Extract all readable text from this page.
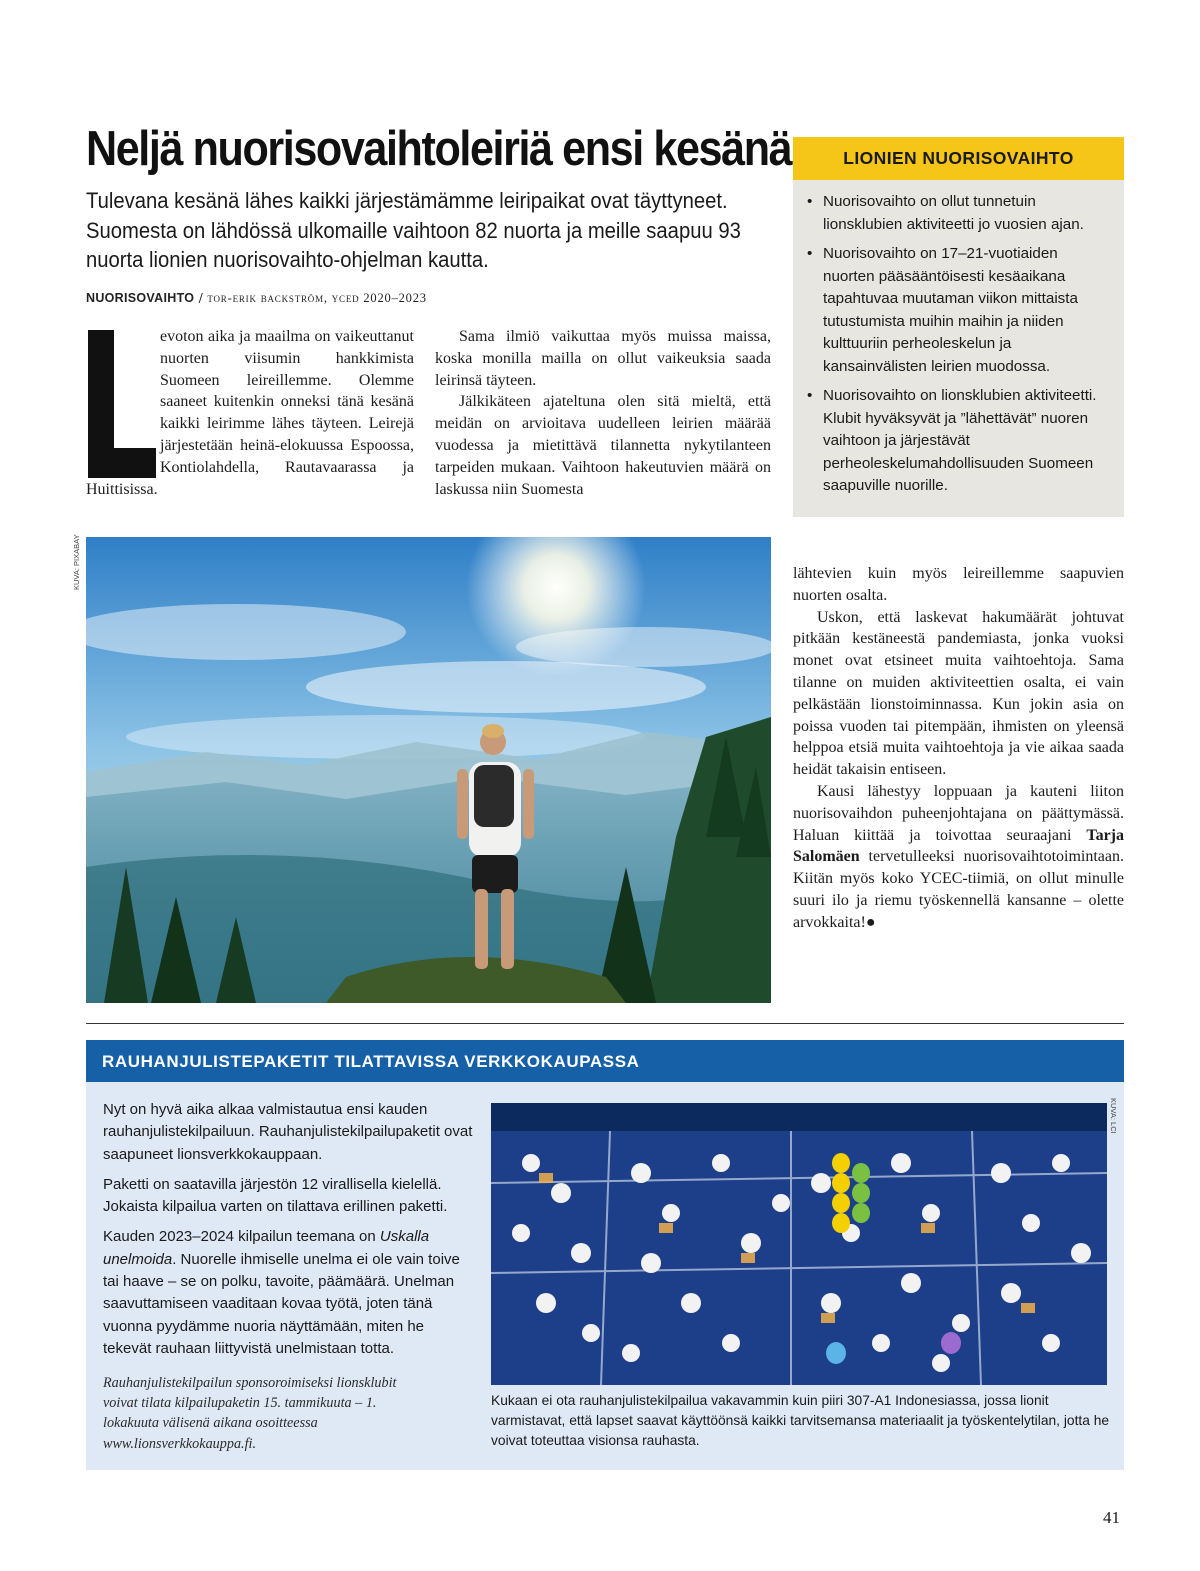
Neljä nuorisovaihtoleiriä ensi kesänä
Tulevana kesänä lähes kaikki järjestämämme leiripaikat ovat täyttyneet. Suomesta on lähdössä ulkomaille vaihtoon 82 nuorta ja meille saapuu 93 nuorta lionien nuorisovaihto-ohjelman kautta.
NUORISOVAIHTO / tor-erik backström, yced 2020–2023
L	evoton aika ja maailma on vaikeuttanut nuorten viisumin hankkimista Suomeen leireillemme. Olemme saaneet kuitenkin onneksi tänä kesänä kaikki leirimme lähes täyteen. Leirejä järjestetään heinä-elokuussa Espoossa, Kontiolahdella, Rautavaarassa ja Huittisissa.

Sama ilmiö vaikuttaa myös muissa maissa, koska monilla mailla on ollut vaikeuksia saada leirinsä täyteen.

Jälkikäteen ajateltuna olen sitä mieltä, että meidän on arvioitava uudelleen leirien määrää vuodessa ja mietittävä tilannetta nykytilanteen tarpeiden mukaan. Vaihtoon hakeutuvien määrä on laskussa niin Suomesta

lähtevien kuin myös leireillemme saapuvien nuorten osalta.

Uskon, että laskevat hakumäärät johtuvat pitkään kestäneestä pandemiasta, jonka vuoksi monet ovat etsineet muita vaihtoehtoja. Sama tilanne on muiden aktiviteettien osalta, ei vain pelkästään lionstoiminnassa. Kun jokin asia on poissa vuoden tai pitempään, ihmisten on yleensä helppoa etsiä muita vaihtoehtoja ja vie aikaa saada heidät takaisin entiseen.

Kausi lähestyy loppuaan ja kauteni liiton nuorisovaihdon puheenjohtajana on päättymässä. Haluan kiittää ja toivottaa seuraajani Tarja Salomäen tervetulleeksi nuorisovaihtotoimintaan. Kiitän myös koko YCEC-tiimiä, on ollut minulle suuri ilo ja riemu työskennellä kansanne – olette arvokkaita!●

LIONIEN NUORISOVAIHTO
• Nuorisovaihto on ollut tunnetuin lionsklubien aktiviteetti jo vuosien ajan.
• Nuorisovaihto on 17–21-vuotiaiden nuorten pääsääntöisesti kesäaikana tapahtuvaa muutaman viikon mittaista tutustumista muihin maihin ja niiden kulttuuriin perheoleskelun ja kansainvälisten leirien muodossa.
• Nuorisovaihto on lionsklubien aktiviteetti. Klubit hyväksyvät ja ”lähettävät” nuoren vaihtoon ja järjestävät perheoleskelumahdollisuuden Suomeen saapuville nuorille.
KUVA: PIXABAY
RAUHANJULISTEPAKETIT TILATTAVISSA VERKKOKAUPASSA

Nyt on hyvä aika alkaa valmistautua ensi kauden rauhanjulistekilpailuun. Rauhanjulistekilpailupaketit ovat saapuneet lionsverkkokauppaan.

Paketti on saatavilla järjestön 12 virallisella kielellä. Jokaista kilpailua varten on tilattava erillinen paketti.

Kauden 2023–2024 kilpailun teemana on Uskalla unelmoida. Nuorelle ihmiselle unelma ei ole vain toive tai haave – se on polku, tavoite, päämäärä. Unelman saavuttamiseen vaaditaan kovaa työtä, joten tänä vuonna pyydämme nuoria näyttämään, miten he tekevät rauhaan liittyvistä unelmistaan totta.

Rauhanjulistekilpailun sponsoroimiseksi lionsklubit voivat tilata kilpailupaketin 15. tammikuuta – 1. lokakuuta välisenä aikana osoitteessa www.lionsverkkokauppa.fi.
KUVA: LCI
Kukaan ei ota rauhanjulistekilpailua vakavammin kuin piiri 307-A1 Indonesiassa, jossa lionit varmistavat, että lapset saavat käyttöönsä kaikki tarvitsemansa materiaalit ja työskentelytilan, jotta he voivat toteuttaa visionsa rauhasta.
41
